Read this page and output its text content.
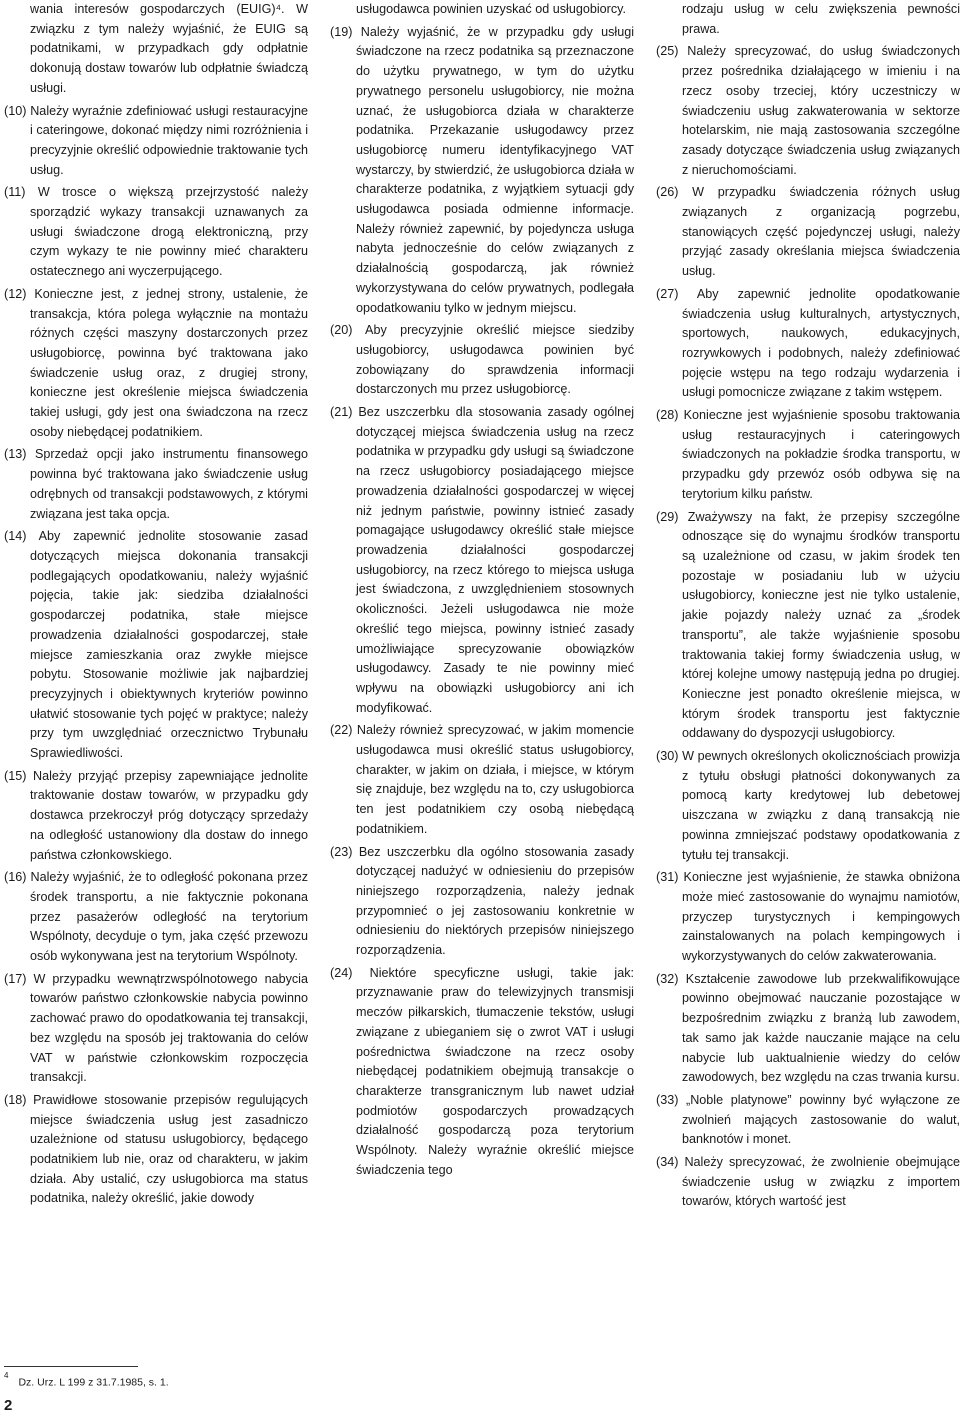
wania interesów gospodarczych (EUIG)⁴. W związku z tym należy wyjaśnić, że EUIG są podatnikami, w przypadkach gdy odpłatnie dokonują dostaw towarów lub odpłatnie świadczą usługi.

(10) Należy wyraźnie zdefiniować usługi restauracyjne i cateringowe, dokonać między nimi rozróżnienia i precyzyjnie określić odpowiednie traktowanie tych usług.

(11) W trosce o większą przejrzystość należy sporządzić wykazy transakcji uznawanych za usługi świadczone drogą elektroniczną, przy czym wykazy te nie powinny mieć charakteru ostatecznego ani wyczerpującego.

(12) Konieczne jest, z jednej strony, ustalenie, że transakcja, która polega wyłącznie na montażu różnych części maszyny dostarczonych przez usługobiorcę, powinna być traktowana jako świadczenie usług oraz, z drugiej strony, konieczne jest określenie miejsca świadczenia takiej usługi, gdy jest ona świadczona na rzecz osoby niebędącej podatnikiem.

(13) Sprzedaż opcji jako instrumentu finansowego powinna być traktowana jako świadczenie usług odrębnych od transakcji podstawowych, z którymi związana jest taka opcja.

(14) Aby zapewnić jednolite stosowanie zasad dotyczących miejsca dokonania transakcji podlegających opodatkowaniu, należy wyjaśnić pojęcia, takie jak: siedziba działalności gospodarczej podatnika, stałe miejsce prowadzenia działalności gospodarczej, stałe miejsce zamieszkania oraz zwykłe miejsce pobytu. Stosowanie możliwie jak najbardziej precyzyjnych i obiektywnych kryteriów powinno ułatwić stosowanie tych pojęć w praktyce; należy przy tym uwzględniać orzecznictwo Trybunału Sprawiedliwości.

(15) Należy przyjąć przepisy zapewniające jednolite traktowanie dostaw towarów, w przypadku gdy dostawca przekroczył próg dotyczący sprzedaży na odległość ustanowiony dla dostaw do innego państwa członkowskiego.

(16) Należy wyjaśnić, że to odległość pokonana przez środek transportu, a nie faktycznie pokonana przez pasażerów odległość na terytorium Wspólnoty, decyduje o tym, jaka część przewozu osób wykonywana jest na terytorium Wspólnoty.

(17) W przypadku wewnątrzwspólnotowego nabycia towarów państwo członkowskie nabycia powinno zachować prawo do opodatkowania tej transakcji, bez względu na sposób jej traktowania do celów VAT w państwie członkowskim rozpoczęcia transakcji.

(18) Prawidłowe stosowanie przepisów regulujących miejsce świadczenia usług jest zasadniczo uzależnione od statusu usługobiorcy, będącego podatnikiem lub nie, oraz od charakteru, w jakim działa. Aby ustalić, czy usługobiorca ma status podatnika, należy określić, jakie dowody

usługodawca powinien uzyskać od usługobiorcy.

(19) Należy wyjaśnić, że w przypadku gdy usługi świadczone na rzecz podatnika są przeznaczone do użytku prywatnego, w tym do użytku prywatnego personelu usługobiorcy, nie można uznać, że usługobiorca działa w charakterze podatnika. Przekazanie usługodawcy przez usługobiorcę numeru identyfikacyjnego VAT wystarczy, by stwierdzić, że usługobiorca działa w charakterze podatnika, z wyjątkiem sytuacji gdy usługodawca posiada odmienne informacje. Należy również zapewnić, by pojedyncza usługa nabyta jednocześnie do celów związanych z działalnością gospodarczą, jak również wykorzystywana do celów prywatnych, podlegała opodatkowaniu tylko w jednym miejscu.

(20) Aby precyzyjnie określić miejsce siedziby usługobiorcy, usługodawca powinien być zobowiązany do sprawdzenia informacji dostarczonych mu przez usługobiorcę.

(21) Bez uszczerbku dla stosowania zasady ogólnej dotyczącej miejsca świadczenia usług na rzecz podatnika w przypadku gdy usługi są świadczone na rzecz usługobiorcy posiadającego miejsce prowadzenia działalności gospodarczej w więcej niż jednym państwie, powinny istnieć zasady pomagające usługodawcy określić stałe miejsce prowadzenia działalności gospodarczej usługobiorcy, na rzecz którego to miejsca usługa jest świadczona, z uwzględnieniem stosownych okoliczności. Jeżeli usługodawca nie może określić tego miejsca, powinny istnieć zasady umożliwiające sprecyzowanie obowiązków usługodawcy. Zasady te nie powinny mieć wpływu na obowiązki usługobiorcy ani ich modyfikować.

(22) Należy również sprecyzować, w jakim momencie usługodawca musi określić status usługobiorcy, charakter, w jakim on działa, i miejsce, w którym się znajduje, bez względu na to, czy usługobiorca ten jest podatnikiem czy osobą niebędącą podatnikiem.

(23) Bez uszczerbku dla ogólno stosowania zasady dotyczącej nadużyć w odniesieniu do przepisów niniejszego rozporządzenia, należy jednak przypomnieć o jej zastosowaniu konkretnie w odniesieniu do niektórych przepisów niniejszego rozporządzenia.

(24) Niektóre specyficzne usługi, takie jak: przyznawanie praw do telewizyjnych transmisji meczów piłkarskich, tłumaczenie tekstów, usługi związane z ubieganiem się o zwrot VAT i usługi pośrednictwa świadczone na rzecz osoby niebędącej podatnikiem obejmują transakcje o charakterze transgranicznym lub nawet udział podmiotów gospodarczych prowadzących działalność gospodarczą poza terytorium Wspólnoty. Należy wyraźnie określić miejsce świadczenia tego

rodzaju usług w celu zwiększenia pewności prawa.

(25) Należy sprecyzować, do usług świadczonych przez pośrednika działającego w imieniu i na rzecz osoby trzeciej, który uczestniczy w świadczeniu usług zakwaterowania w sektorze hotelarskim, nie mają zastosowania szczególne zasady dotyczące świadczenia usług związanych z nieruchomościami.

(26) W przypadku świadczenia różnych usług związanych z organizacją pogrzebu, stanowiących część pojedynczej usługi, należy przyjąć zasady określania miejsca świadczenia usług.

(27) Aby zapewnić jednolite opodatkowanie świadczenia usług kulturalnych, artystycznych, sportowych, naukowych, edukacyjnych, rozrywkowych i podobnych, należy zdefiniować pojęcie wstępu na tego rodzaju wydarzenia i usługi pomocnicze związane z takim wstępem.

(28) Konieczne jest wyjaśnienie sposobu traktowania usług restauracyjnych i cateringowych świadczonych na pokładzie środka transportu, w przypadku gdy przewóz osób odbywa się na terytorium kilku państw.

(29) Zważywszy na fakt, że przepisy szczególne odnoszące się do wynajmu środków transportu są uzależnione od czasu, w jakim środek ten pozostaje w posiadaniu lub w użyciu usługobiorcy, konieczne jest nie tylko ustalenie, jakie pojazdy należy uznać za „środek transportu”, ale także wyjaśnienie sposobu traktowania takiej formy świadczenia usług, w której kolejne umowy następują jedna po drugiej. Konieczne jest ponadto określenie miejsca, w którym środek transportu jest faktycznie oddawany do dyspozycji usługobiorcy.

(30) W pewnych określonych okolicznościach prowizja z tytułu obsługi płatności dokonywanych za pomocą karty kredytowej lub debetowej uiszczana w związku z daną transakcją nie powinna zmniejszać podstawy opodatkowania z tytułu tej transakcji.

(31) Konieczne jest wyjaśnienie, że stawka obniżona może mieć zastosowanie do wynajmu namiotów, przyczep turystycznych i kempingowych zainstalowanych na polach kempingowych i wykorzystywanych do celów zakwaterowania.

(32) Kształcenie zawodowe lub przekwalifikowujące powinno obejmować nauczanie pozostające w bezpośrednim związku z branżą lub zawodem, tak samo jak każde nauczanie mające na celu nabycie lub uaktualnienie wiedzy do celów zawodowych, bez względu na czas trwania kursu.

(33) „Noble platynowe” powinny być wyłączone ze zwolnień mających zastosowanie do walut, banknotów i monet.

(34) Należy sprecyzować, że zwolnienie obejmujące świadczenie usług w związku z importem towarów, których wartość jest

$^4$Dz. Urz. L 199 z 31.7.1985, s. 1.
2
